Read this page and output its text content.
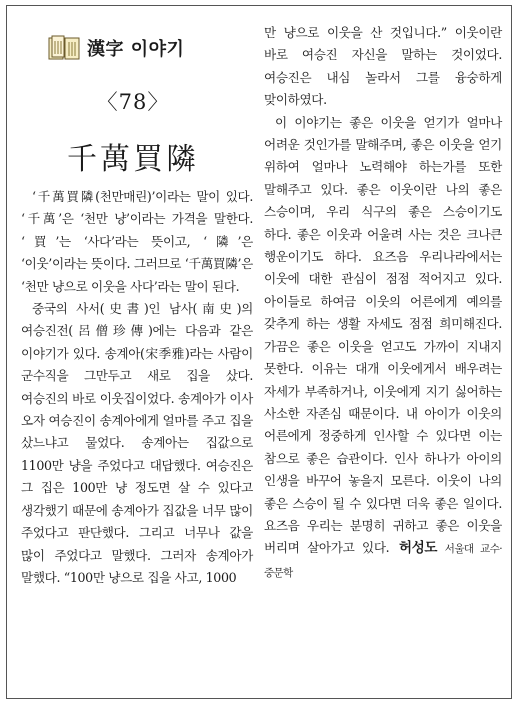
漢字 이야기
〈78〉
千萬買隣

‘千萬買隣(천만매린)’이라는 말이 있다. ‘千萬’은 ‘천만 냥’이라는 가격을 말한다. ‘買’는 ‘사다’라는 뜻이고, ‘隣’은 ‘이웃’이라는 뜻이다. 그러므로 ‘千萬買隣’은 ‘천만 냥으로 이웃을 사다’라는 말이 된다.

중국의 사서(史書)인 남사(南史)의 여승진전(呂僧珍傳)에는 다음과 같은 이야기가 있다. 송계아(宋季雅)라는 사람이 군수직을 그만두고 새로 집을 샀다. 여승진의 바로 이웃집이었다. 송계아가 이사 오자 여승진이 송계아에게 얼마를 주고 집을 샀느냐고 물었다. 송계아는 집값으로 1100만 냥을 주었다고 대답했다. 여승진은 그 집은 100만 냥 정도면 살 수 있다고 생각했기 때문에 송계아가 집값을 너무 많이 주었다고 판단했다. 그리고 너무나 값을 많이 주었다고 말했다. 그러자 송계아가 말했다. “100만 냥으로 집을 사고, 1000

만 냥으로 이웃을 산 것입니다.” 이웃이란 바로 여승진 자신을 말하는 것이었다. 여승진은 내심 놀라서 그를 융숭하게 맞이하였다.

이 이야기는 좋은 이웃을 얻기가 얼마나 어려운 것인가를 말해주며, 좋은 이웃을 얻기 위하여 얼마나 노력해야 하는가를 또한 말해주고 있다. 좋은 이웃이란 나의 좋은 스승이며, 우리 식구의 좋은 스승이기도 하다. 좋은 이웃과 어울려 사는 것은 크나큰 행운이기도 하다. 요즈음 우리나라에서는 이웃에 대한 관심이 점점 적어지고 있다. 아이들로 하여금 이웃의 어른에게 예의를 갖추게 하는 생활 자세도 점점 희미해진다. 가끔은 좋은 이웃을 얻고도 가까이 지내지 못한다. 이유는 대개 이웃에게서 배우려는 자세가 부족하거나, 이웃에게 지기 싫어하는 사소한 자존심 때문이다. 내 아이가 이웃의 어른에게 정중하게 인사할 수 있다면 이는 참으로 좋은 습관이다. 인사 하나가 아이의 인생을 바꾸어 놓을지 모른다. 이웃이 나의 좋은 스승이 될 수 있다면 더욱 좋은 일이다. 요즈음 우리는 분명히 귀하고 좋은 이웃을 버리며 살아가고 있다. 허성도 서울대 교수·중문학
